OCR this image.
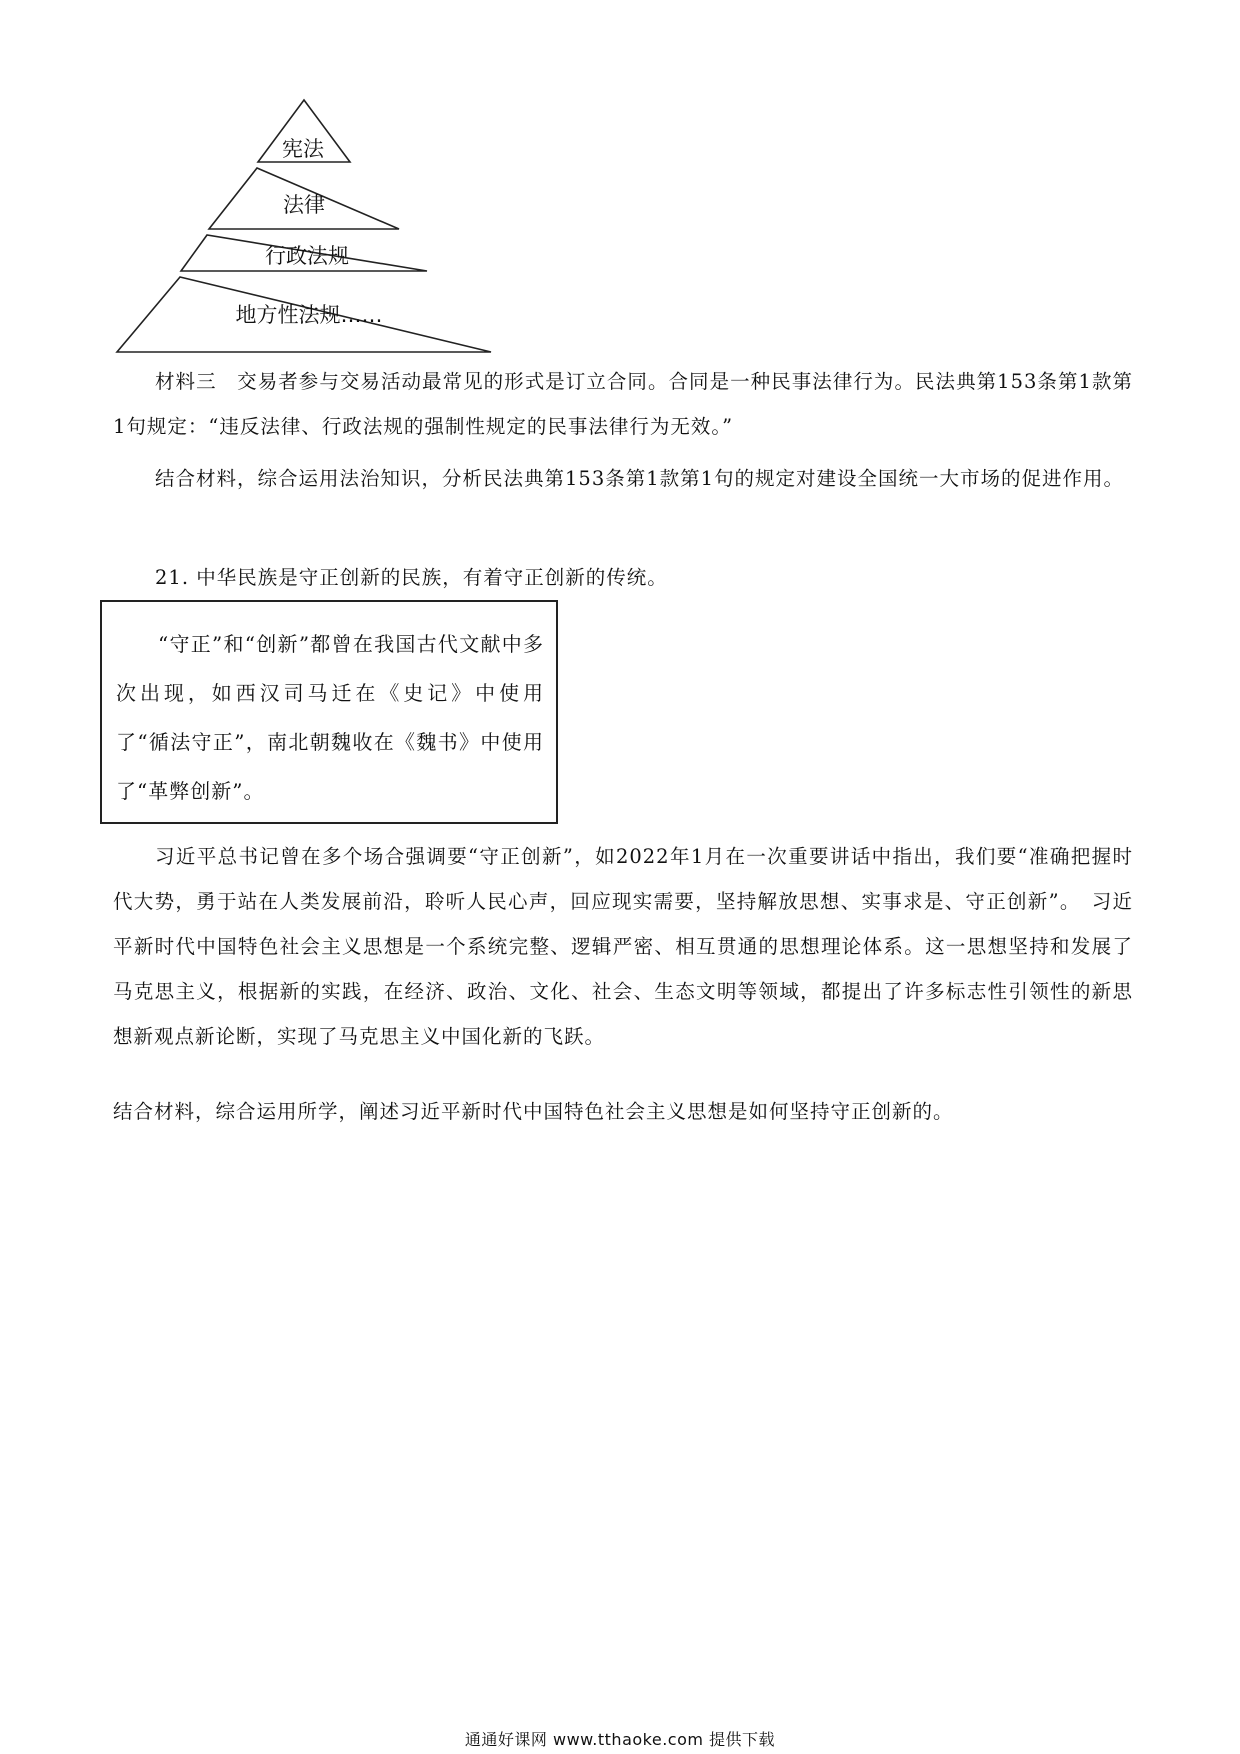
宪法
法律
行政法规
地方性法规……

材料三　交易者参与交易活动最常见的形式是订立合同。合同是一种民事法律行为。民法典第153条第1款第1句规定：“违反法律、行政法规的强制性规定的民事法律行为无效。”

结合材料，综合运用法治知识，分析民法典第153条第1款第1句的规定对建设全国统一大市场的促进作用。

21. 中华民族是守正创新的民族，有着守正创新的传统。

“守正”和“创新”都曾在我国古代文献中多次出现，如西汉司马迁在《史记》中使用了“循法守正”，南北朝魏收在《魏书》中使用了“革弊创新”。

习近平总书记曾在多个场合强调要“守正创新”，如2022年1月在一次重要讲话中指出，我们要“准确把握时代大势，勇于站在人类发展前沿，聆听人民心声，回应现实需要，坚持解放思想、实事求是、守正创新”。　习近平新时代中国特色社会主义思想是一个系统完整、逻辑严密、相互贯通的思想理论体系。这一思想坚持和发展了马克思主义，根据新的实践，在经济、政治、文化、社会、生态文明等领域，都提出了许多标志性引领性的新思想新观点新论断，实现了马克思主义中国化新的飞跃。

结合材料，综合运用所学，阐述习近平新时代中国特色社会主义思想是如何坚持守正创新的。

通通好课网 www.tthaoke.com 提供下载
